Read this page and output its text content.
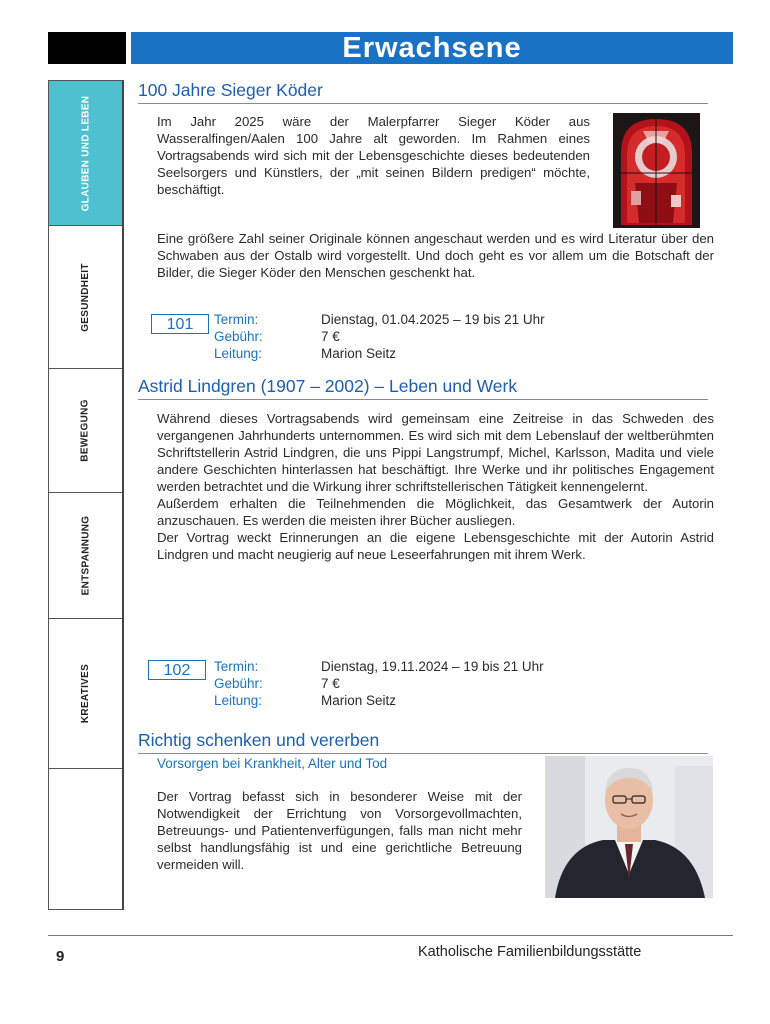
Erwachsene
GLAUBEN UND LEBEN
GESUNDHEIT
BEWEGUNG
ENTSPANNUNG
KREATIVES
100 Jahre Sieger Köder

Im Jahr 2025 wäre der Malerpfarrer Sieger Köder aus Wasseralfingen/Aalen 100 Jahre alt geworden. Im Rahmen eines Vortragsabends wird sich mit der Lebensgeschichte dieses bedeutenden Seelsorgers und Künstlers, der „mit seinen Bildern predigen“ möchte, beschäftigt.

Eine größere Zahl seiner Originale können angeschaut werden und es wird Literatur über den Schwaben aus der Ostalb wird vorgestellt. Und doch geht es vor allem um die Botschaft der Bilder, die Sieger Köder den Menschen geschenkt hat.

101	Termin:	Dienstag, 01.04.2025 – 19 bis 21 Uhr
Gebühr:	7 €
Leitung:	Marion Seitz
Astrid Lindgren (1907 – 2002) – Leben und Werk

Während dieses Vortragsabends wird gemeinsam eine Zeitreise in das Schweden des vergangenen Jahrhunderts unternommen. Es wird sich mit dem Lebenslauf der weltberühmten Schriftstellerin Astrid Lindgren, die uns Pippi Langstrumpf, Michel, Karlsson, Madita und viele andere Geschichten hinterlassen hat beschäftigt. Ihre Werke und ihr politisches Engagement werden betrachtet und die Wirkung ihrer schriftstellerischen Tätigkeit kennengelernt.

Außerdem erhalten die Teilnehmenden die Möglichkeit, das Gesamtwerk der Autorin anzuschauen. Es werden die meisten ihrer Bücher ausliegen.

Der Vortrag weckt Erinnerungen an die eigene Lebensgeschichte mit der Autorin Astrid Lindgren und macht neugierig auf neue Leseerfahrungen mit ihrem Werk.

102	Termin:	Dienstag, 19.11.2024 – 19 bis 21 Uhr
Gebühr:	7 €
Leitung:	Marion Seitz
Richtig schenken und vererben
Vorsorgen bei Krankheit, Alter und Tod

Der Vortrag befasst sich in besonderer Weise mit der Notwendigkeit der Errichtung von Vorsorgevollmachten, Betreuungs- und Patientenverfügungen, falls man nicht mehr selbst handlungsfähig ist und eine gerichtliche Betreuung vermeiden will.

9	Katholische Familienbildungsstätte
